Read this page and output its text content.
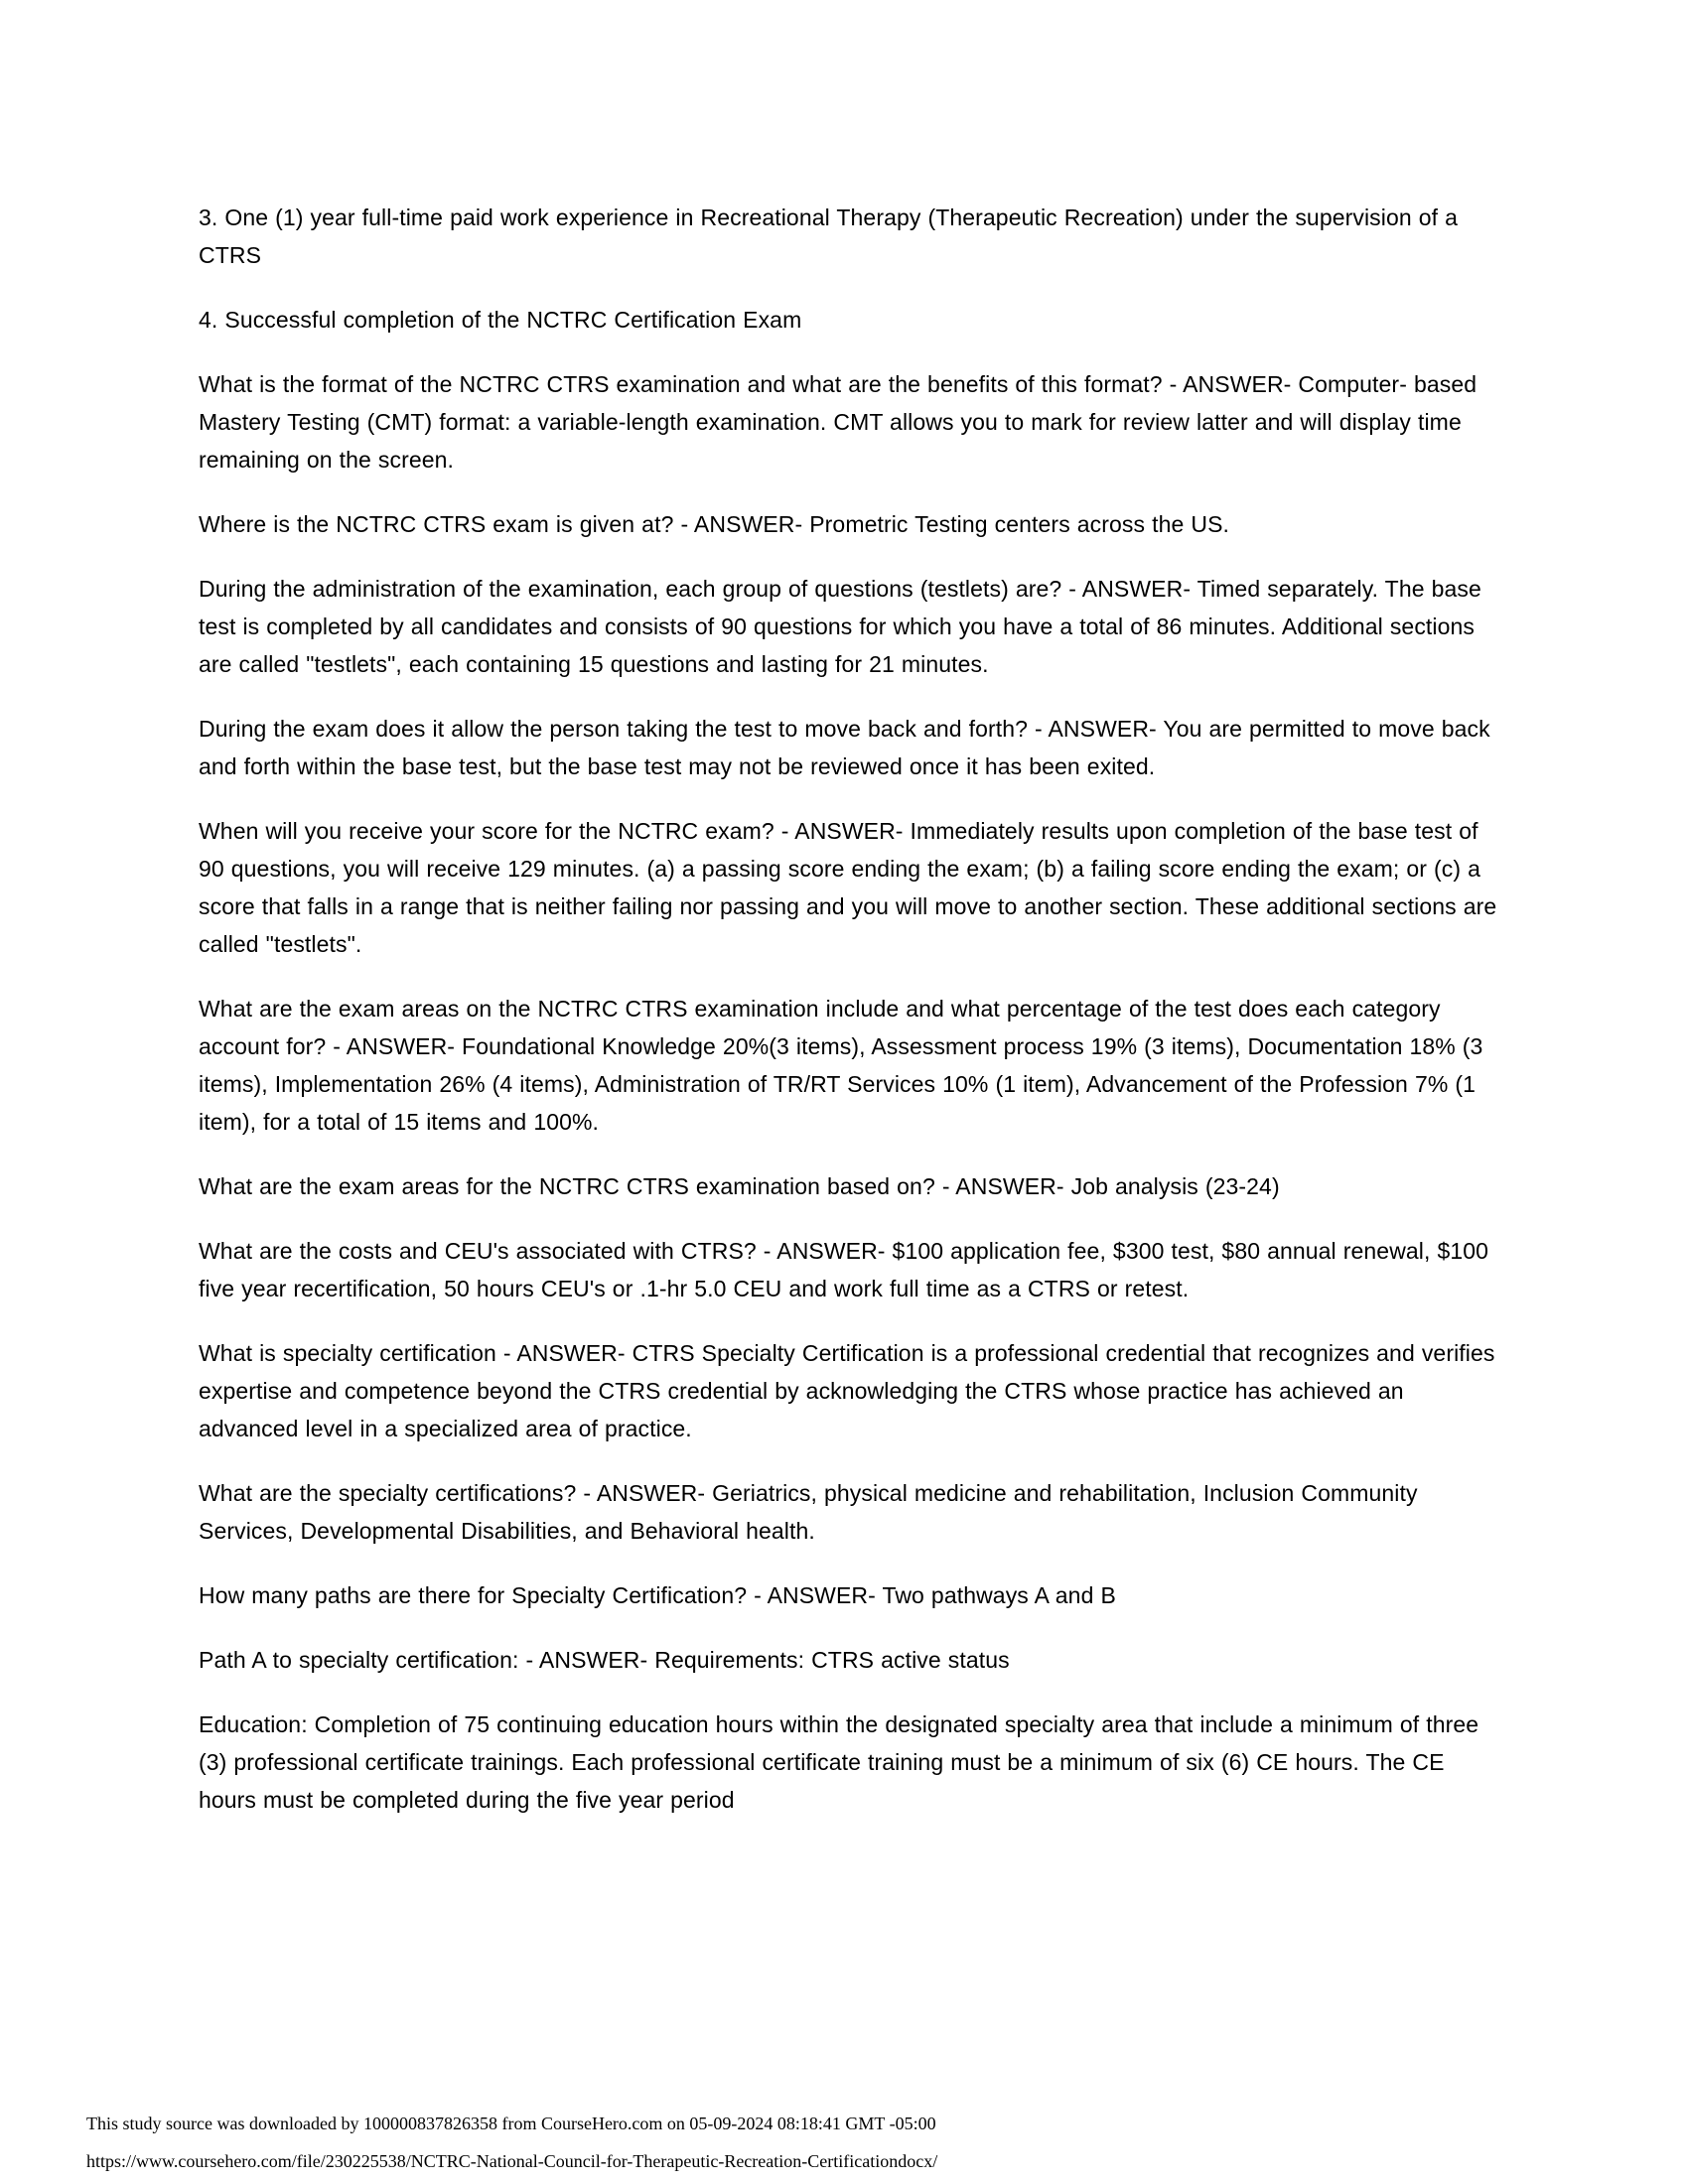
3. One (1) year full-time paid work experience in Recreational Therapy (Therapeutic Recreation) under the supervision of a CTRS

4. Successful completion of the NCTRC Certification Exam

What is the format of the NCTRC CTRS examination and what are the benefits of this format? - ANSWER- Computer- based Mastery Testing (CMT) format: a variable-length examination. CMT allows you to mark for review latter and will display time remaining on the screen.

Where is the NCTRC CTRS exam is given at? - ANSWER- Prometric Testing centers across the US.

During the administration of the examination, each group of questions (testlets) are? - ANSWER- Timed separately. The base test is completed by all candidates and consists of 90 questions for which you have a total of 86 minutes. Additional sections are called "testlets", each containing 15 questions and lasting for 21 minutes.

During the exam does it allow the person taking the test to move back and forth? - ANSWER- You are permitted to move back and forth within the base test, but the base test may not be reviewed once it has been exited.

When will you receive your score for the NCTRC exam? - ANSWER- Immediately results upon completion of the base test of 90 questions, you will receive 129 minutes. (a) a passing score ending the exam; (b) a failing score ending the exam; or (c) a score that falls in a range that is neither failing nor passing and you will move to another section. These additional sections are called "testlets".

What are the exam areas on the NCTRC CTRS examination include and what percentage of the test does each category account for? - ANSWER- Foundational Knowledge 20%(3 items), Assessment process 19% (3 items), Documentation 18% (3 items), Implementation 26% (4 items), Administration of TR/RT Services 10% (1 item), Advancement of the Profession 7% (1 item), for a total of 15 items and 100%.

What are the exam areas for the NCTRC CTRS examination based on? - ANSWER- Job analysis (23-24)

What are the costs and CEU's associated with CTRS? - ANSWER- $100 application fee, $300 test, $80 annual renewal, $100 five year recertification, 50 hours CEU's or .1-hr 5.0 CEU and work full time as a CTRS or retest.

What is specialty certification - ANSWER- CTRS Specialty Certification is a professional credential that recognizes and verifies expertise and competence beyond the CTRS credential by acknowledging the CTRS whose practice has achieved an advanced level in a specialized area of practice.

What are the specialty certifications? - ANSWER- Geriatrics, physical medicine and rehabilitation, Inclusion Community Services, Developmental Disabilities, and Behavioral health.

How many paths are there for Specialty Certification? - ANSWER- Two pathways A and B

Path A to specialty certification: - ANSWER- Requirements: CTRS active status

Education: Completion of 75 continuing education hours within the designated specialty area that include a minimum of three (3) professional certificate trainings. Each professional certificate training must be a minimum of six (6) CE hours. The CE hours must be completed during the five year period

This study source was downloaded by 100000837826358 from CourseHero.com on 05-09-2024 08:18:41 GMT -05:00
https://www.coursehero.com/file/230225538/NCTRC-National-Council-for-Therapeutic-Recreation-Certificationdocx/
